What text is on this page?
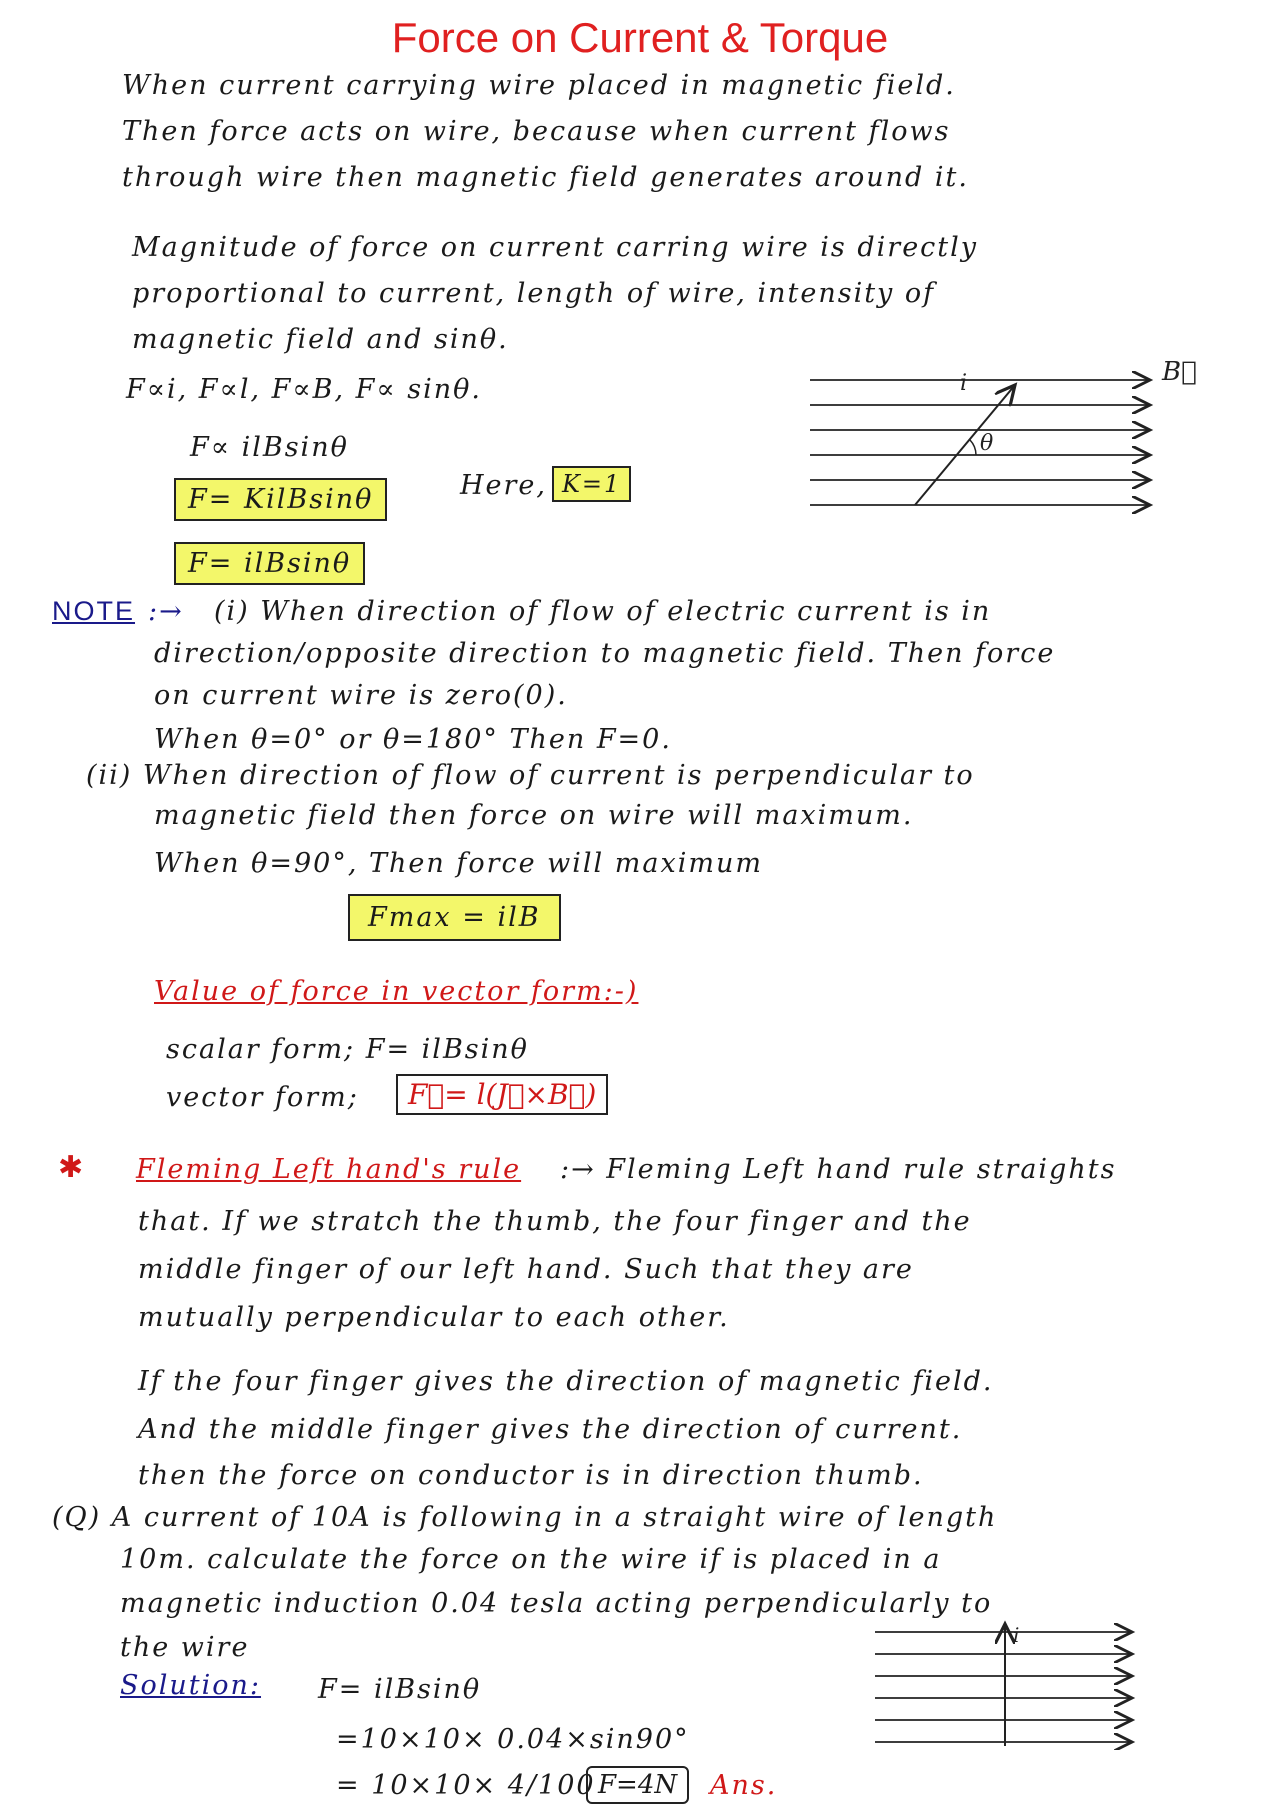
Force on Current & Torque
When current carrying wire placed in magnetic field.
Then force acts on wire, because when current flows
through wire then magnetic field generates around it.
Magnitude of force on current carring wire is directly
proportional to current, length of wire, intensity of
magnetic field and sinθ.
F∝i, F∝l, F∝B, F∝ sinθ.
F∝ ilBsinθ
F= KilBsinθ	Here, K=1
F= ilBsinθ
θ
i	B⃗
NOTE :→ (i) When direction of flow of electric current is in
direction/opposite direction to magnetic field. Then force
on current wire is zero(0).
When θ=0° or θ=180° Then F=0.
(ii) When direction of flow of current is perpendicular to
magnetic field then force on wire will maximum.
When θ=90°, Then force will maximum
Fmax = ilB
Value of force in vector form:-)
scalar form; F= ilBsinθ
vector form;	F⃗= l(J⃗×B⃗)
✱ Fleming Left hand's rule :→ Fleming Left hand rule straights
that. If we stratch the thumb, the four finger and the
middle finger of our left hand. Such that they are
mutually perpendicular to each other.
If the four finger gives the direction of magnetic field.
And the middle finger gives the direction of current.
then the force on conductor is in direction thumb.
(Q) A current of 10A is following in a straight wire of length
10m. calculate the force on the wire if is placed in a
magnetic induction 0.04 tesla acting perpendicularly to
the wire
Solution: F= ilBsinθ
=10×10× 0.04×sin90°
= 10×10× 4/100 F=4N	Ans.
i
